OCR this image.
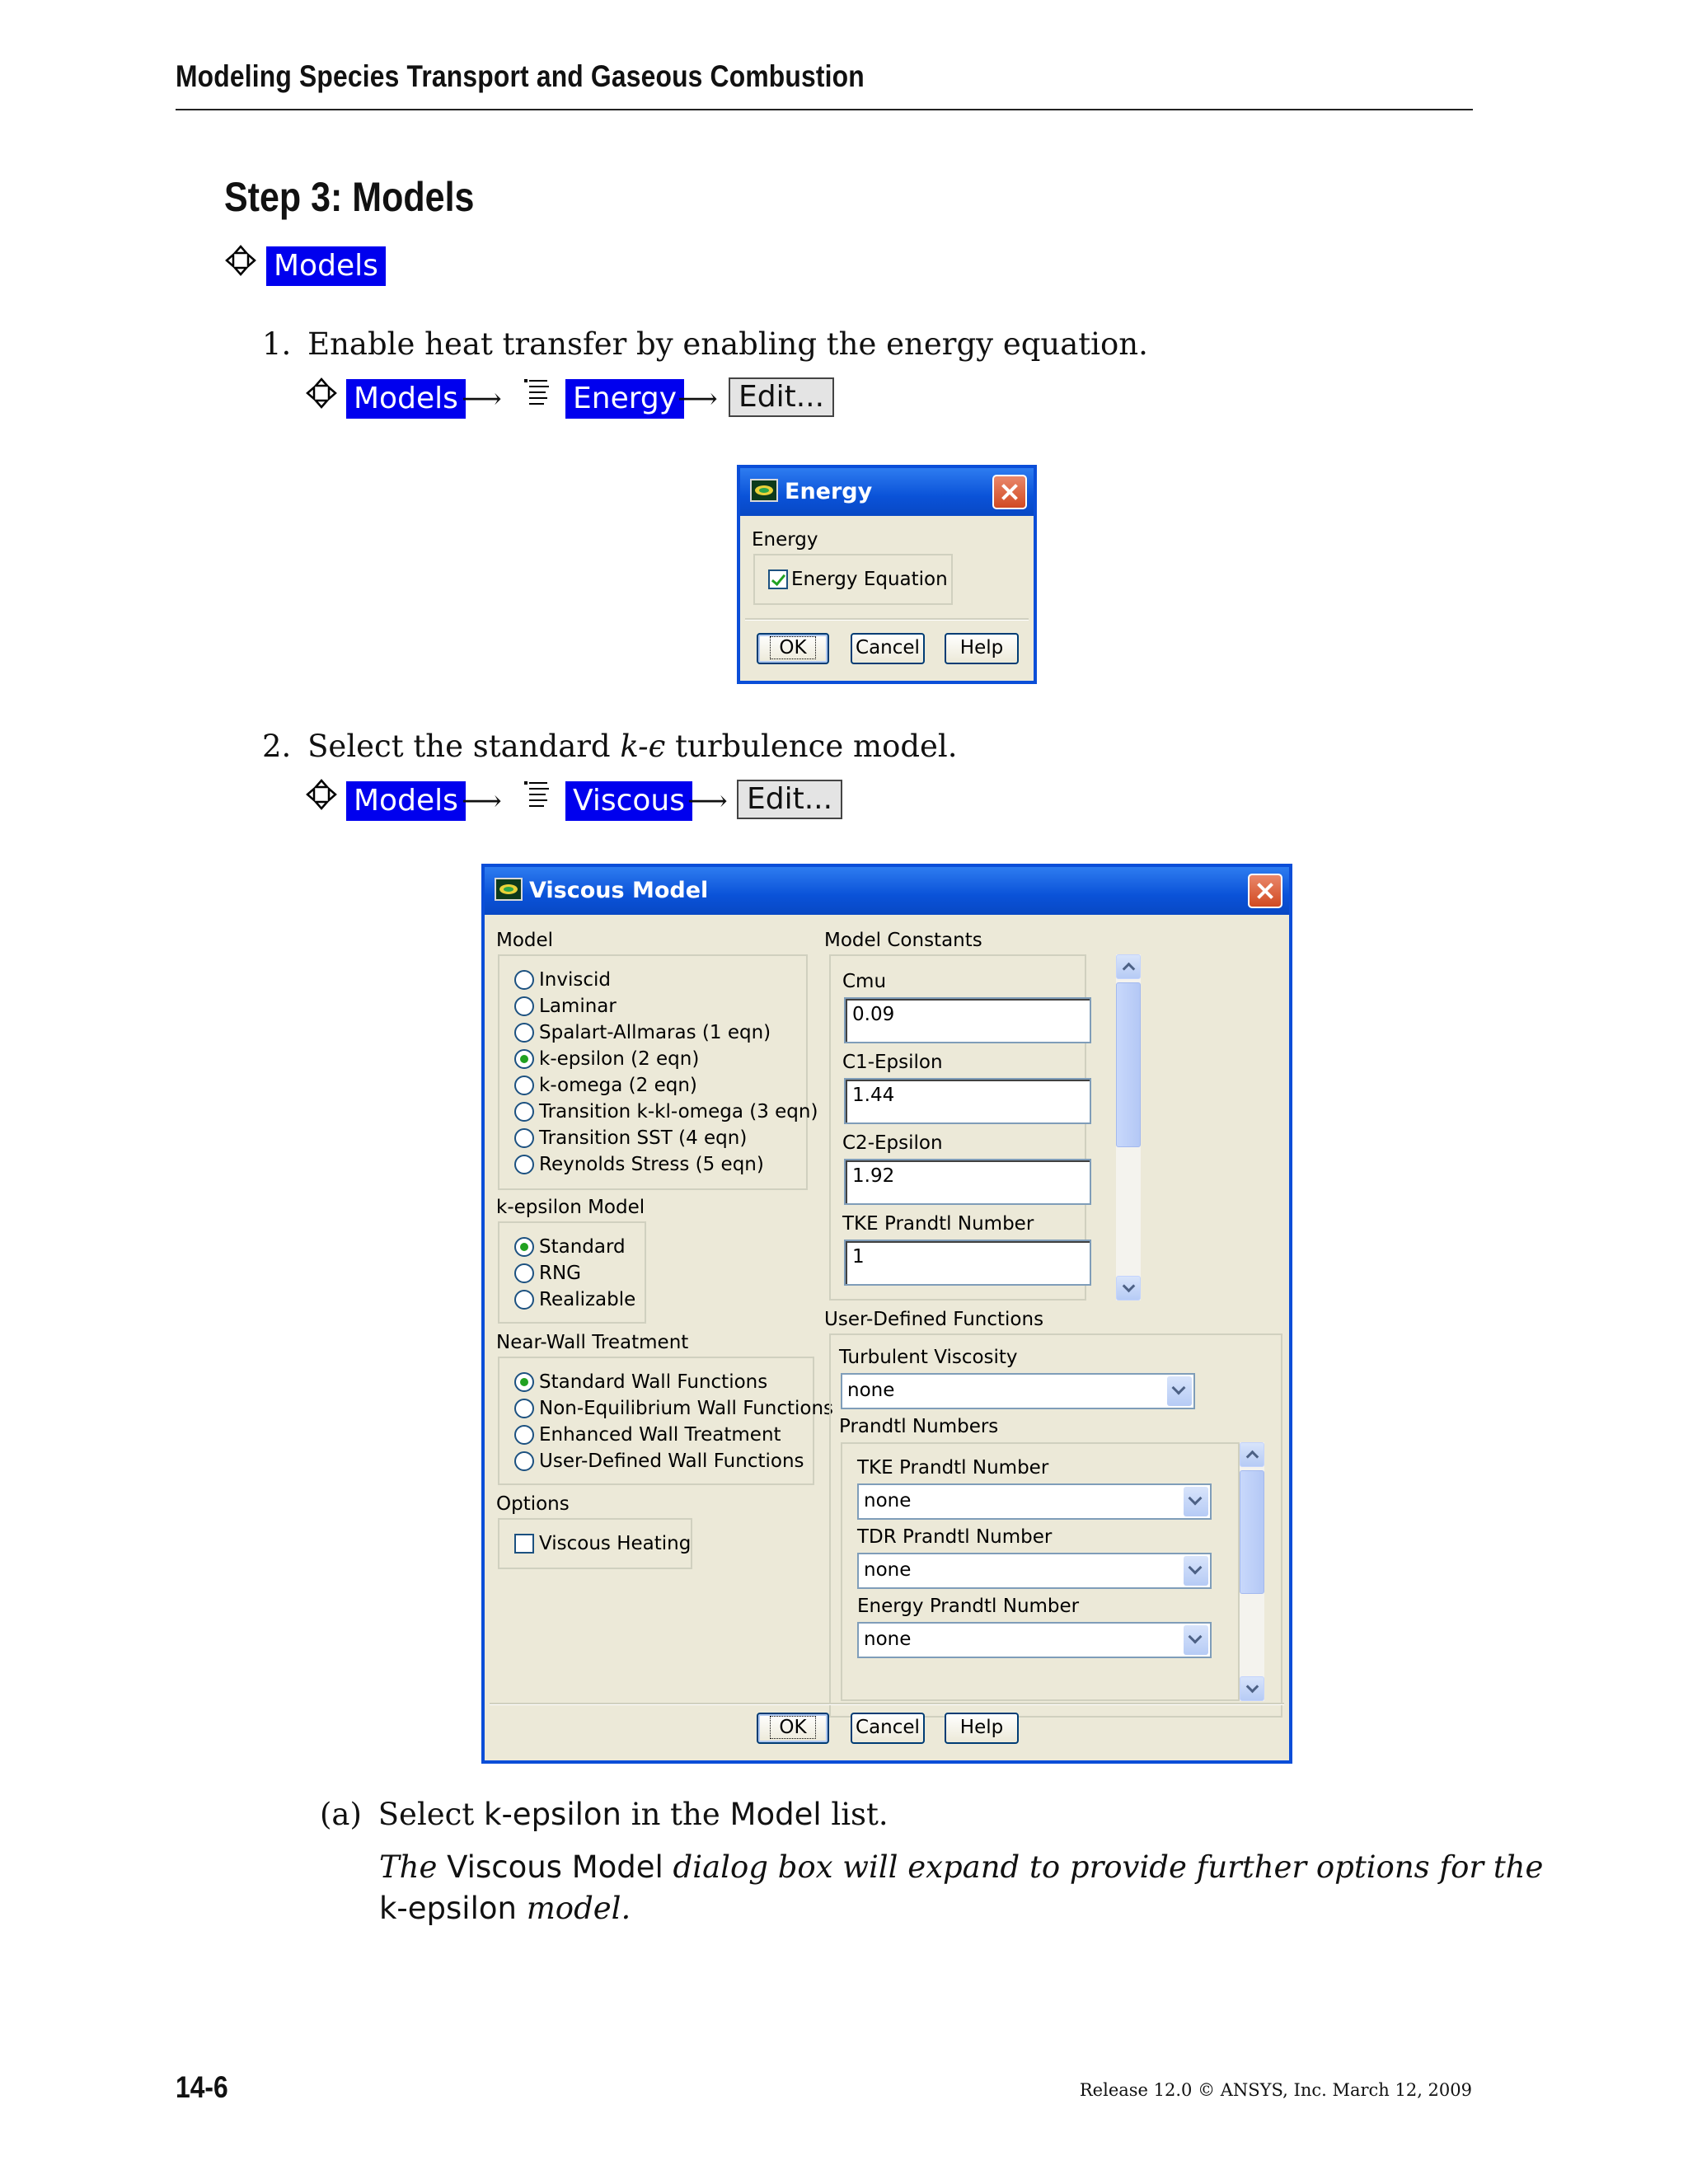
Modeling Species Transport and Gaseous Combustion
Step 3: Models
Models
1. Enable heat transfer by enabling the energy equation.
Models ⟶ Energy ⟶ Edit...
Energy
Energy
Energy Equation
OK	Cancel	Help
2. Select the standard k-ϵ turbulence model.
Models ⟶ Viscous ⟶ Edit...
Viscous Model
Model
Inviscid
Laminar
Spalart-Allmaras (1 eqn)
k-epsilon (2 eqn)
k-omega (2 eqn)
Transition k-kl-omega (3 eqn)
Transition SST (4 eqn)
Reynolds Stress (5 eqn)
k-epsilon Model
Standard
RNG
Realizable
Near-Wall Treatment
Standard Wall Functions
Non-Equilibrium Wall Functions
Enhanced Wall Treatment
User-Defined Wall Functions
Options
Viscous Heating
Model Constants
Cmu
0.09
C1-Epsilon
1.44
C2-Epsilon
1.92
TKE Prandtl Number
1
User-Defined Functions
Turbulent Viscosity
none
Prandtl Numbers
TKE Prandtl Number
none
TDR Prandtl Number
none
Energy Prandtl Number
none
OK	Cancel	Help
(a) Select k-epsilon in the Model list.
The Viscous Model dialog box will expand to provide further options for the
k-epsilon model.
14-6	Release 12.0 © ANSYS, Inc. March 12, 2009
